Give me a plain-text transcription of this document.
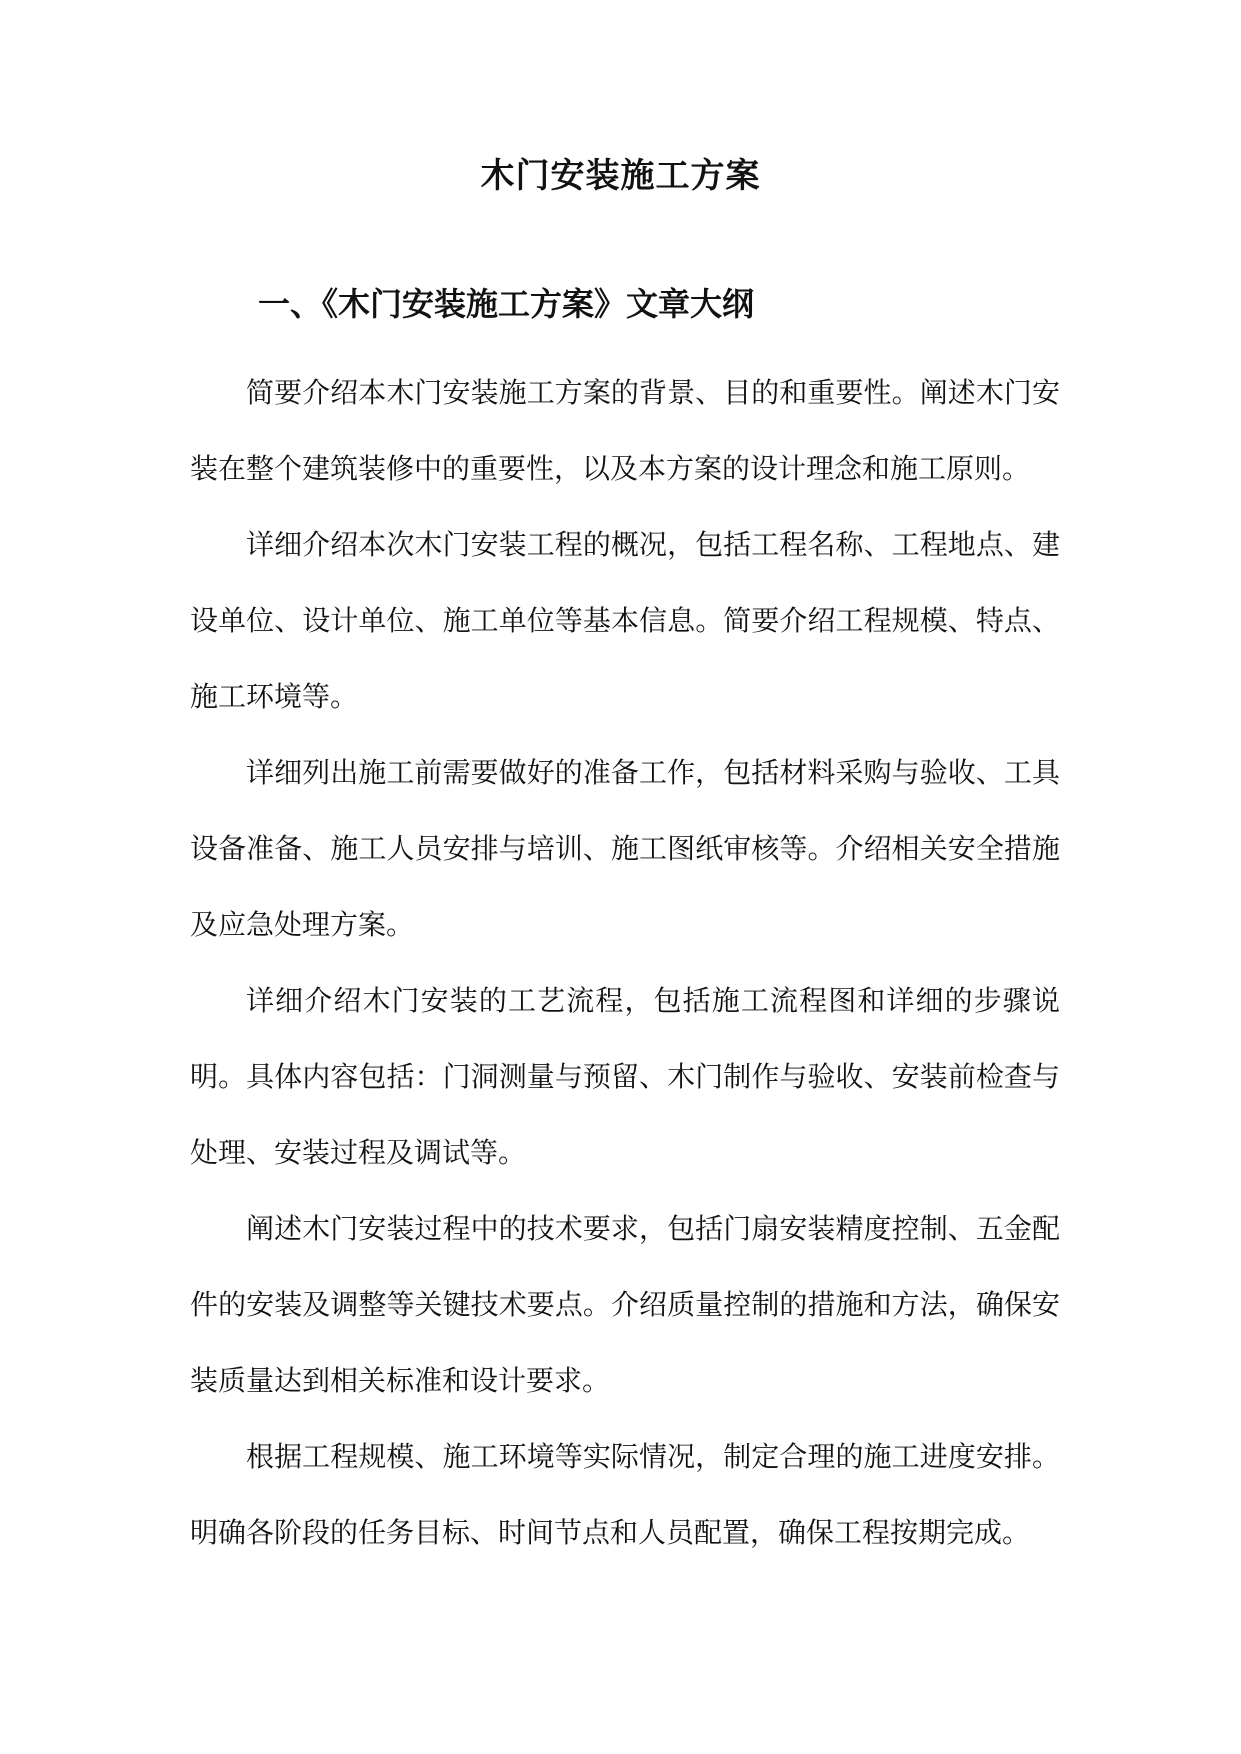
木门安装施工方案
一、《木门安装施工方案》文章大纲

简要介绍本木门安装施工方案的背景、目的和重要性。阐述木门安装在整个建筑装修中的重要性，以及本方案的设计理念和施工原则。

详细介绍本次木门安装工程的概况，包括工程名称、工程地点、建设单位、设计单位、施工单位等基本信息。简要介绍工程规模、特点、施工环境等。

详细列出施工前需要做好的准备工作，包括材料采购与验收、工具设备准备、施工人员安排与培训、施工图纸审核等。介绍相关安全措施及应急处理方案。

详细介绍木门安装的工艺流程，包括施工流程图和详细的步骤说明。具体内容包括：门洞测量与预留、木门制作与验收、安装前检查与处理、安装过程及调试等。

阐述木门安装过程中的技术要求，包括门扇安装精度控制、五金配件的安装及调整等关键技术要点。介绍质量控制的措施和方法，确保安装质量达到相关标准和设计要求。

根据工程规模、施工环境等实际情况，制定合理的施工进度安排。明确各阶段的任务目标、时间节点和人员配置，确保工程按期完成。
